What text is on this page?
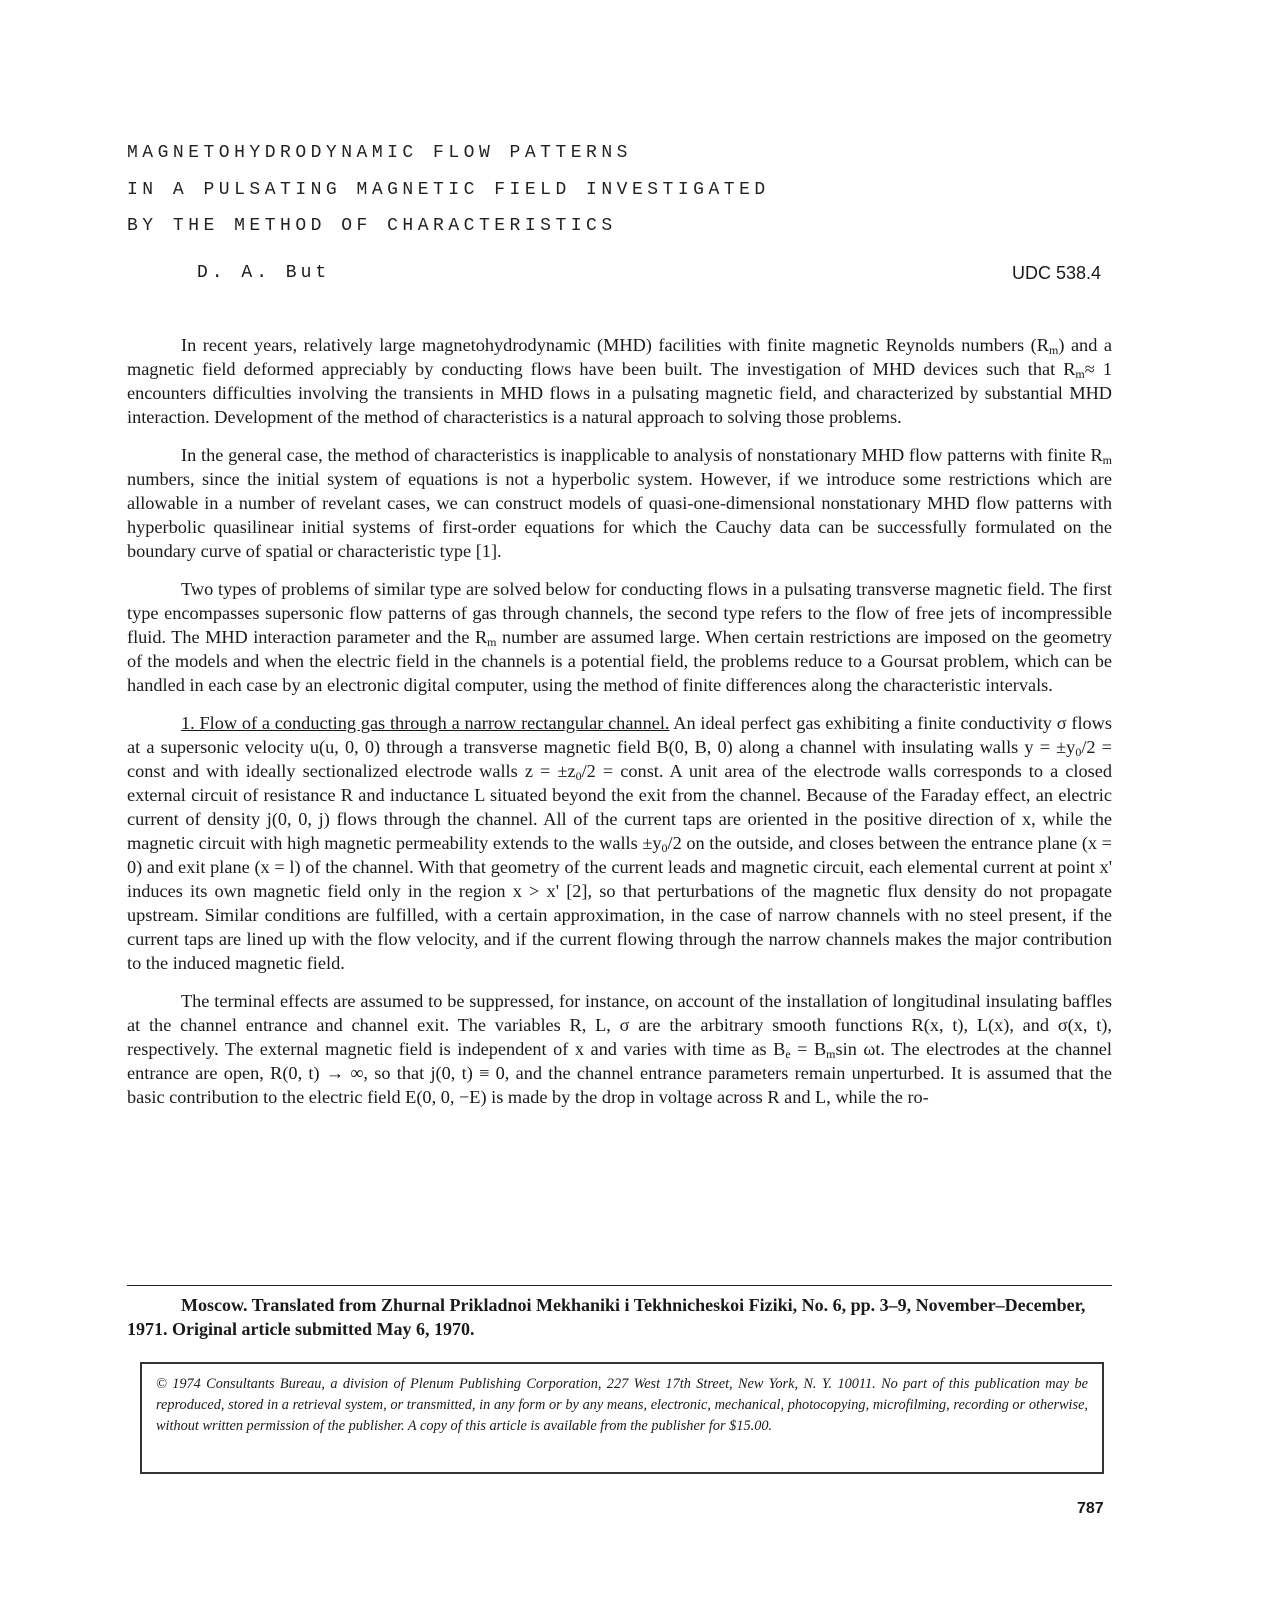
MAGNETOHYDRODYNAMIC FLOW PATTERNS
IN A PULSATING MAGNETIC FIELD INVESTIGATED
BY THE METHOD OF CHARACTERISTICS
D. A. But	UDC 538.4

In recent years, relatively large magnetohydrodynamic (MHD) facilities with finite magnetic Reynolds numbers $(R_m)$ and a magnetic field deformed appreciably by conducting flows have been built. The investigation of MHD devices such that $R_m\approx 1$ encounters difficulties involving the transients in MHD flows in a pulsating magnetic field, and characterized by substantial MHD interaction. Development of the method of characteristics is a natural approach to solving those problems.

In the general case, the method of characteristics is inapplicable to analysis of nonstationary MHD flow patterns with finite $R_m$ numbers, since the initial system of equations is not a hyperbolic system. However, if we introduce some restrictions which are allowable in a number of revelant cases, we can construct models of quasi-one-dimensional nonstationary MHD flow patterns with hyperbolic quasilinear initial systems of first-order equations for which the Cauchy data can be successfully formulated on the boundary curve of spatial or characteristic type [1].

Two types of problems of similar type are solved below for conducting flows in a pulsating transverse magnetic field. The first type encompasses supersonic flow patterns of gas through channels, the second type refers to the flow of free jets of incompressible fluid. The MHD interaction parameter and the $R_m$ number are assumed large. When certain restrictions are imposed on the geometry of the models and when the electric field in the channels is a potential field, the problems reduce to a Goursat problem, which can be handled in each case by an electronic digital computer, using the method of finite differences along the characteristic intervals.

1. Flow of a conducting gas through a narrow rectangular channel. An ideal perfect gas exhibiting a finite conductivity σ flows at a supersonic velocity u(u, 0, 0) through a transverse magnetic field B(0, B, 0) along a channel with insulating walls $y = \pm y_0/2$ = const and with ideally sectionalized electrode walls $z = \pm z_0/2$ = const. A unit area of the electrode walls corresponds to a closed external circuit of resistance R and inductance L situated beyond the exit from the channel. Because of the Faraday effect, an electric current of density j(0, 0, j) flows through the channel. All of the current taps are oriented in the positive direction of x, while the magnetic circuit with high magnetic permeability extends to the walls $\pm y_0/2$ on the outside, and closes between the entrance plane (x = 0) and exit plane (x = l) of the channel. With that geometry of the current leads and magnetic circuit, each elemental current at point x' induces its own magnetic field only in the region x > x' [2], so that perturbations of the magnetic flux density do not propagate upstream. Similar conditions are fulfilled, with a certain approximation, in the case of narrow channels with no steel present, if the current taps are lined up with the flow velocity, and if the current flowing through the narrow channels makes the major contribution to the induced magnetic field.

The terminal effects are assumed to be suppressed, for instance, on account of the installation of longitudinal insulating baffles at the channel entrance and channel exit. The variables R, L, σ are the arbitrary smooth functions R(x, t), L(x), and σ(x, t), respectively. The external magnetic field is independent of x and varies with time as $B_e = B_m\sin$ ωt. The electrodes at the channel entrance are open, R(0, t) → ∞, so that j(0, t) ≡ 0, and the channel entrance parameters remain unperturbed. It is assumed that the basic contribution to the electric field E(0, 0, −E) is made by the drop in voltage across R and L, while the ro-

Moscow. Translated from Zhurnal Prikladnoi Mekhaniki i Tekhnicheskoi Fiziki, No. 6, pp. 3–9, November–December, 1971. Original article submitted May 6, 1970.

© 1974 Consultants Bureau, a division of Plenum Publishing Corporation, 227 West 17th Street, New York, N. Y. 10011. No part of this publication may be reproduced, stored in a retrieval system, or transmitted, in any form or by any means, electronic, mechanical, photocopying, microfilming, recording or otherwise, without written permission of the publisher. A copy of this article is available from the publisher for $15.00.

787
